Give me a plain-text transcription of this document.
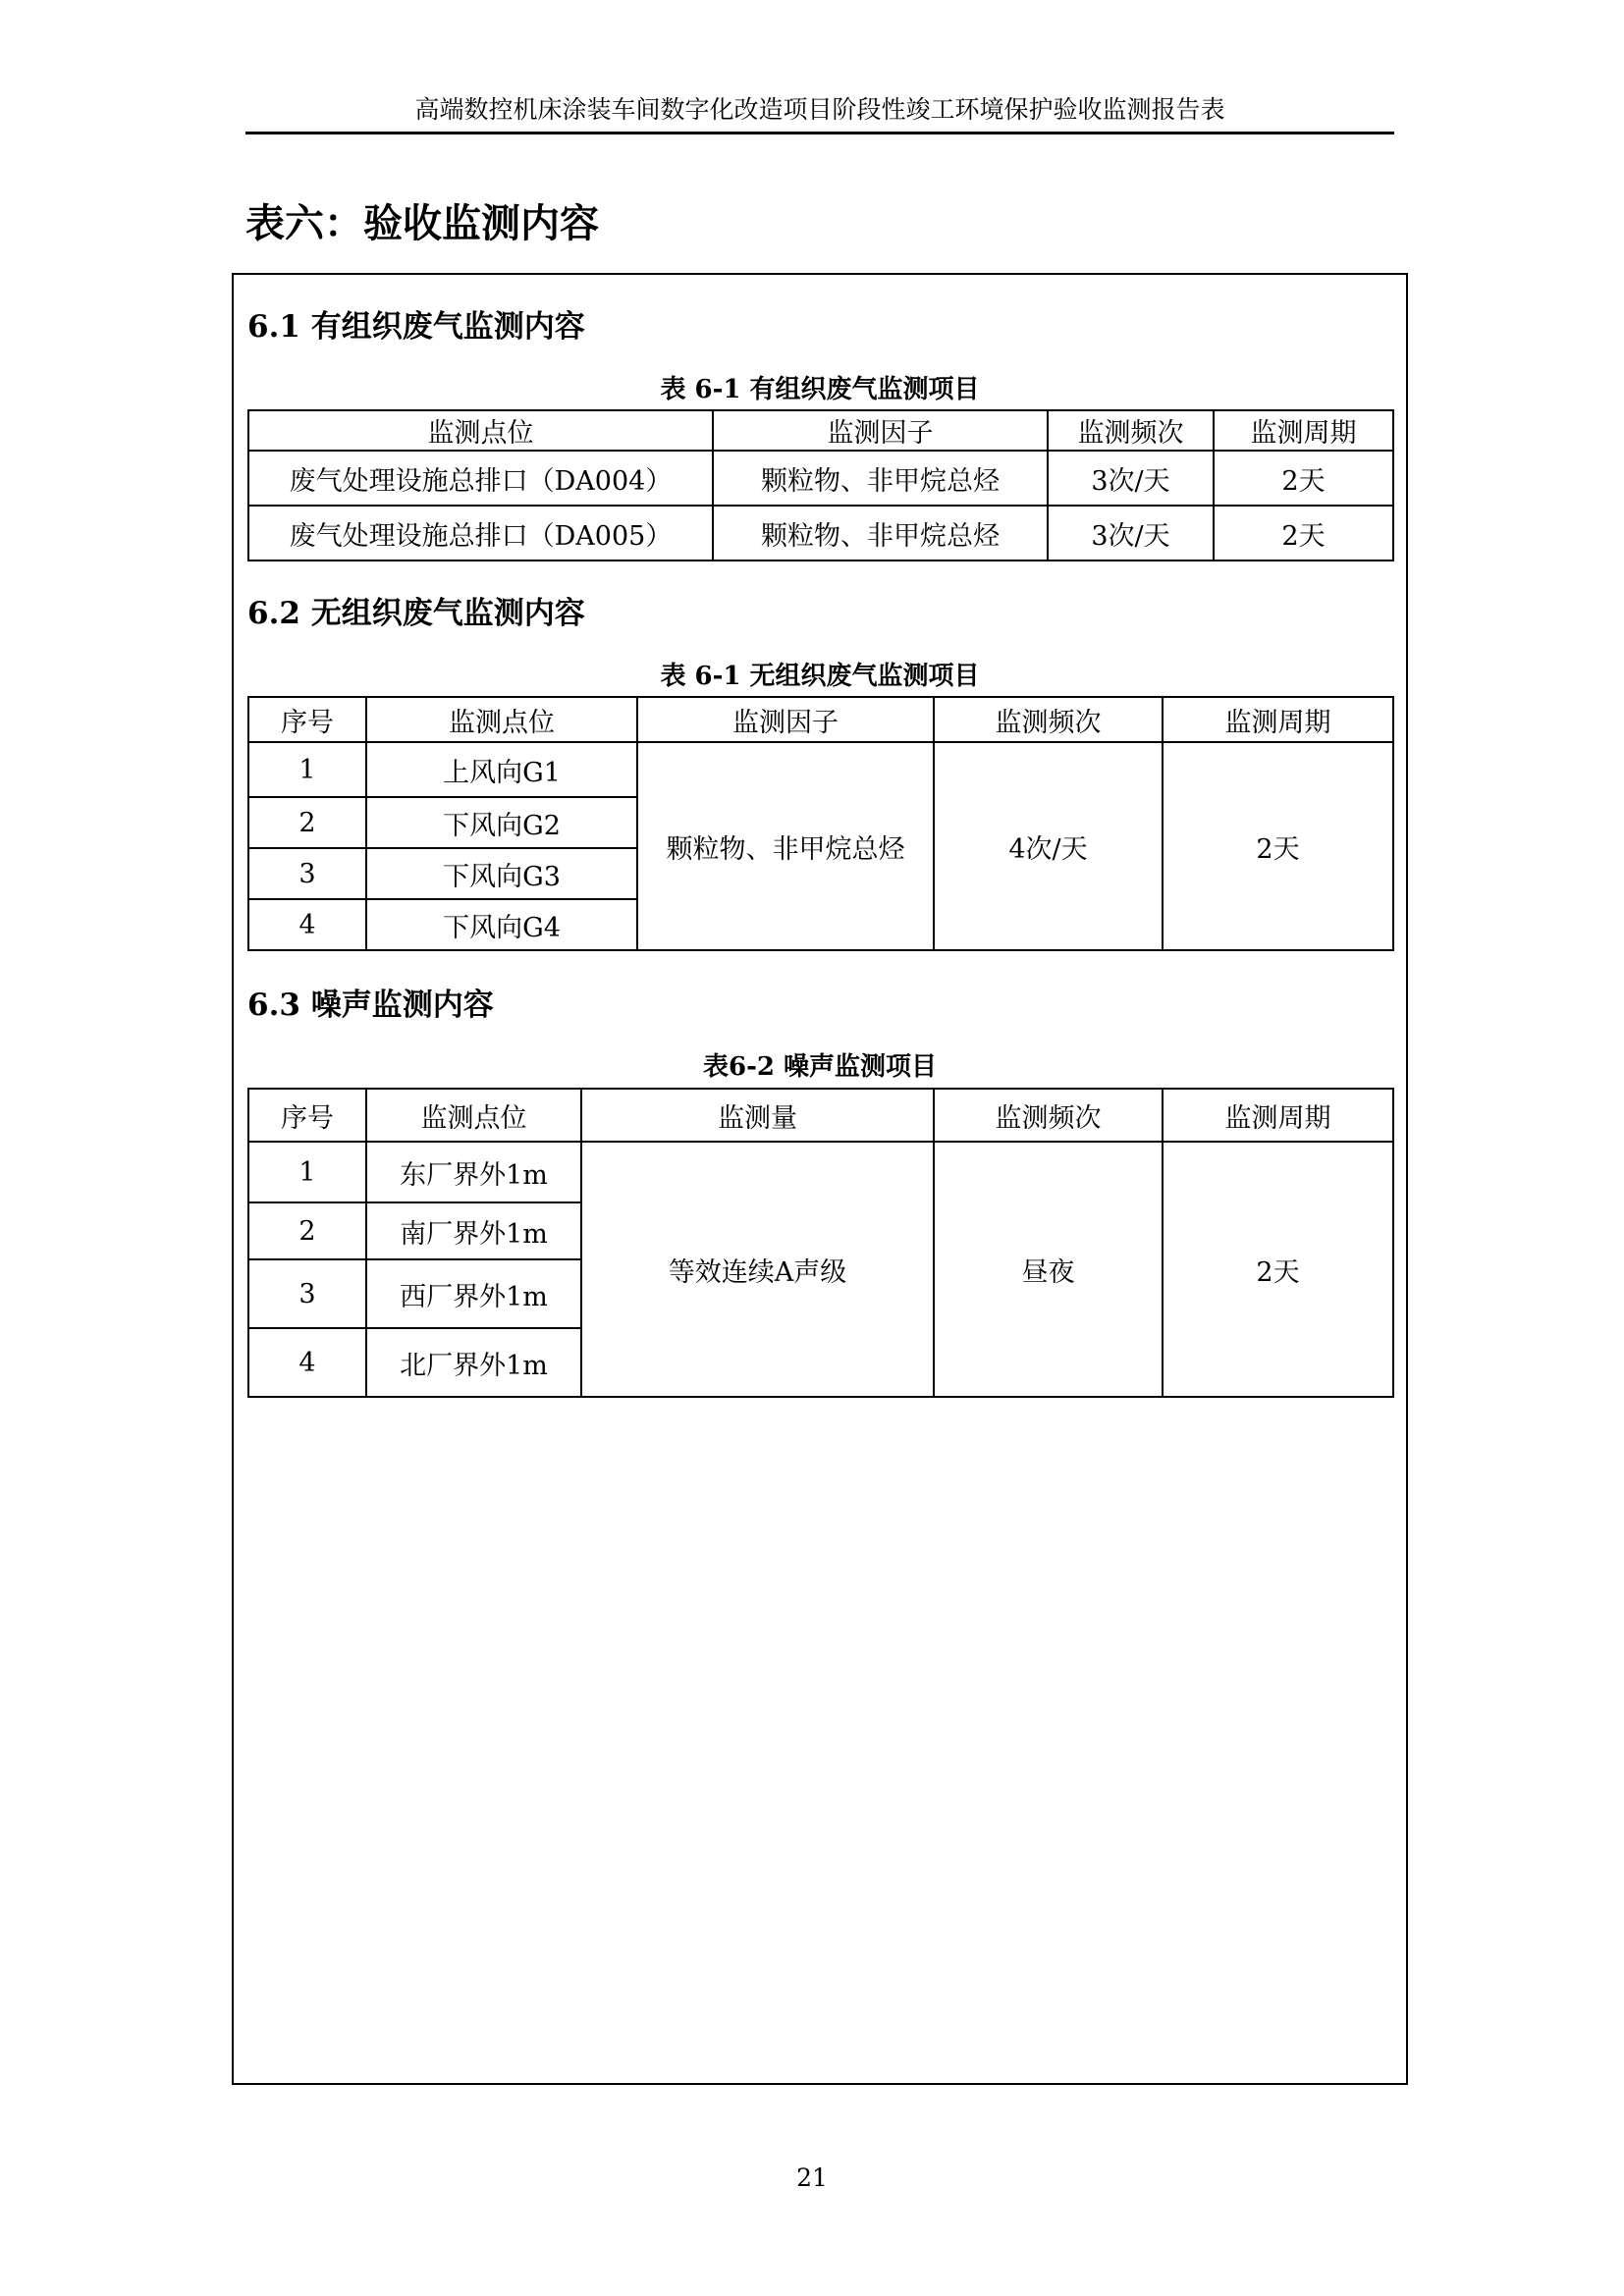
高端数控机床涂装车间数字化改造项目阶段性竣工环境保护验收监测报告表
表六：验收监测内容
6.1 有组织废气监测内容
表 6-1 有组织废气监测项目
监测点位	监测因子	监测频次	监测周期
废气处理设施总排口（DA004）	颗粒物、非甲烷总烃	3次/天	2天
废气处理设施总排口（DA005）	颗粒物、非甲烷总烃	3次/天	2天
6.2 无组织废气监测内容
表 6-1 无组织废气监测项目
序号	监测点位	监测因子	监测频次	监测周期
1	上风向G1	颗粒物、非甲烷总烃	4次/天	2天
2	下风向G2			
3	下风向G3			
4	下风向G4			
6.3 噪声监测内容
表6-2 噪声监测项目
序号	监测点位	监测量	监测频次	监测周期
1	东厂界外1m	等效连续A声级	昼夜	2天
2	南厂界外1m			
3	西厂界外1m			
4	北厂界外1m			
21
